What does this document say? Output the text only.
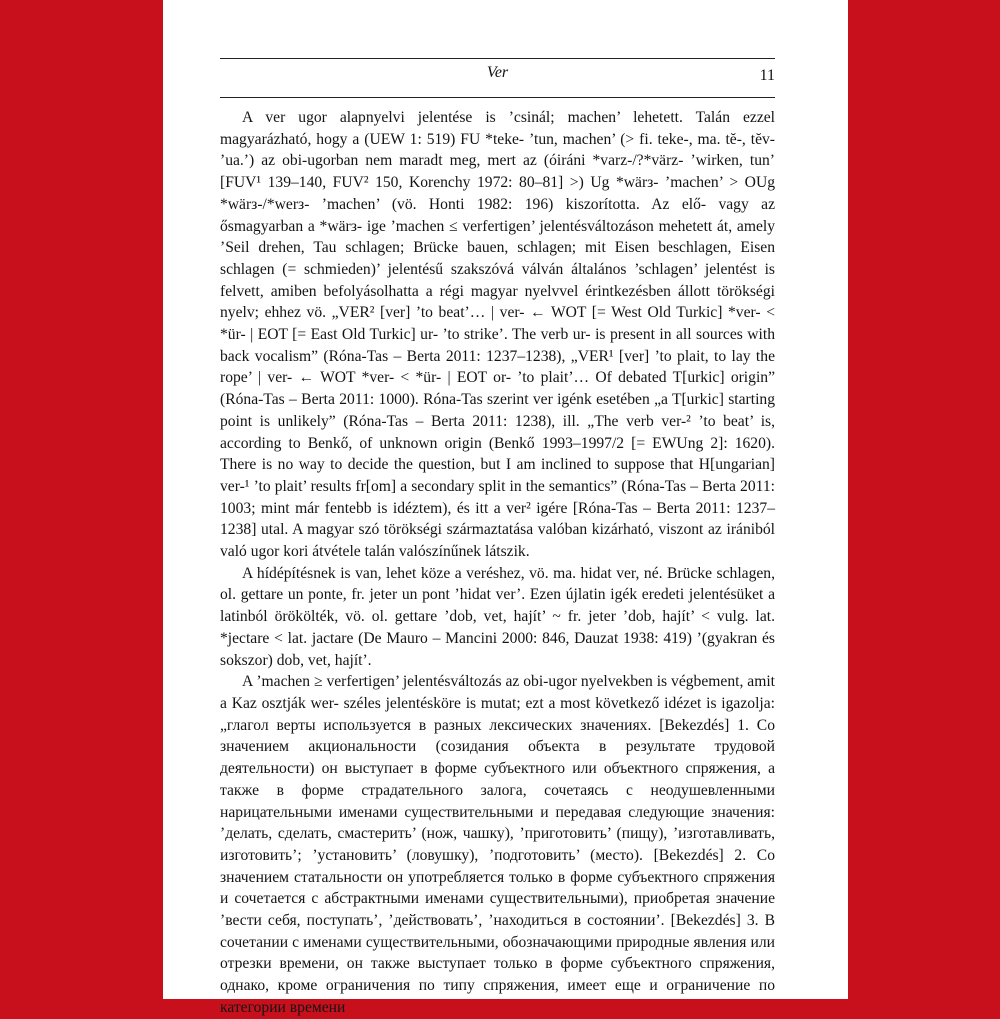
Ver	11

A ver ugor alapnyelvi jelentése is ’csinál; machen’ lehetett. Talán ezzel magyarázható, hogy a (UEW 1: 519) FU *teke- ’tun, machen’ (> fi. teke-, ma. tĕ-, tĕv- ’ua.’) az obi-ugorban nem maradt meg, mert az (óiráni *varz-/?*värz- ’wirken, tun’ [FUV¹ 139–140, FUV² 150, Korenchy 1972: 80–81] >) Ug *wärз- ’machen’ > OUg *wärз-/*werз- ’machen’ (vö. Honti 1982: 196) kiszorította. Az elő- vagy az ősmagyarban a *wärз- ige ’machen ≤ verfertigen’ jelentésváltozáson mehetett át, amely ’Seil drehen, Tau schlagen; Brücke bauen, schlagen; mit Eisen beschlagen, Eisen schlagen (= schmieden)’ jelentésű szakszóvá válván általános ’schlagen’ jelentést is felvett, amiben befolyásolhatta a régi magyar nyelvvel érintkezésben állott törökségi nyelv; ehhez vö. „VER² [ver] ’to beat’… | ver- ← WOT [= West Old Turkic] *ver- < *ür- | EOT [= East Old Turkic] ur- ’to strike’. The verb ur- is present in all sources with back vocalism” (Róna-Tas – Berta 2011: 1237–1238), „VER¹ [ver] ’to plait, to lay the rope’ | ver- ← WOT *ver- < *ür- | EOT or- ’to plait’… Of debated T[urkic] origin” (Róna-Tas – Berta 2011: 1000). Róna-Tas szerint ver igénk esetében „a T[urkic] starting point is unlikely” (Róna-Tas – Berta 2011: 1238), ill. „The verb ver-² ’to beat’ is, according to Benkő, of unknown origin (Benkő 1993–1997/2 [= EWUng 2]: 1620). There is no way to decide the question, but I am inclined to suppose that H[ungarian] ver-¹ ’to plait’ results fr[om] a secondary split in the semantics” (Róna-Tas – Berta 2011: 1003; mint már fentebb is idéztem), és itt a ver² igére [Róna-Tas – Berta 2011: 1237–1238] utal. A magyar szó törökségi származtatása valóban kizárható, viszont az irániból való ugor kori átvétele talán valószínűnek látszik.

A hídépítésnek is van, lehet köze a veréshez, vö. ma. hidat ver, né. Brücke schlagen, ol. gettare un ponte, fr. jeter un pont ’hidat ver’. Ezen újlatin igék eredeti jelentésüket a latinból örökölték, vö. ol. gettare ’dob, vet, hajít’ ~ fr. jeter ’dob, hajít’ < vulg. lat. *jectare < lat. jactare (De Mauro – Mancini 2000: 846, Dauzat 1938: 419) ’(gyakran és sokszor) dob, vet, hajít’.

A ’machen ≥ verfertigen’ jelentésváltozás az obi-ugor nyelvekben is végbement, amit a Kaz osztják wer- széles jelentésköre is mutat; ezt a most következő idézet is igazolja: „глагол верты используется в разных лексических значениях. [Bekezdés] 1. Со значением акциональности (созидания объекта в результате трудовой деятельности) он выступает в форме субъектного или объектного спряжения, а также в форме страдательного залога, сочетаясь с неодушевленными нарицательными именами существительными и передавая следующие значения: ’делать, сделать, смастерить’ (нож, чашку), ’приготовить’ (пищу), ’изготавливать, изготовить’; ’установить’ (ловушку), ’подготовить’ (место). [Bekezdés] 2. Со значением статальности он употребляется только в форме субъектного спряжения и сочетается с абстрактными именами существительными), приобретая значение ’вести себя, поступать’, ’действовать’, ’находиться в состоянии’. [Bekezdés] 3. В сочетании с именами существительными, обозначающими природные явления или отрезки времени, он также выступает только в форме субъектного спряжения, однако, кроме ограничения по типу спряжения, имеет еще и ограничение по категории времени
